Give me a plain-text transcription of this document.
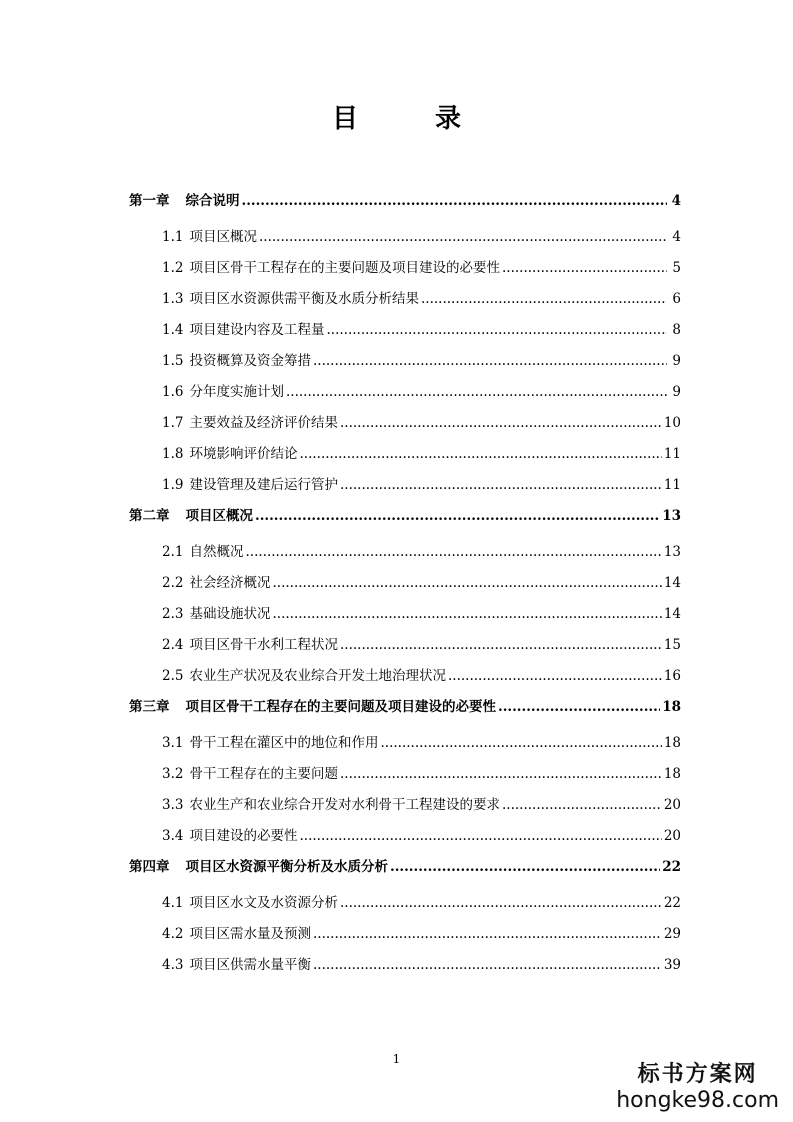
目 录
第一章 综合说明 .....	4
1.1 项目区概况 .....	4
1.2 项目区骨干工程存在的主要问题及项目建设的必要性 .....	5
1.3 项目区水资源供需平衡及水质分析结果 .....	6
1.4 项目建设内容及工程量 .....	8
1.5 投资概算及资金筹措 .....	9
1.6 分年度实施计划 .....	9
1.7 主要效益及经济评价结果 .....	10
1.8 环境影响评价结论 .....	11
1.9 建设管理及建后运行管护 .....	11
第二章 项目区概况 .....	13
2.1 自然概况 .....	13
2.2 社会经济概况 .....	14
2.3 基础设施状况 .....	14
2.4 项目区骨干水利工程状况 .....	15
2.5 农业生产状况及农业综合开发土地治理状况 .....	16
第三章 项目区骨干工程存在的主要问题及项目建设的必要性 .....	18
3.1 骨干工程在灌区中的地位和作用 .....	18
3.2 骨干工程存在的主要问题 .....	18
3.3 农业生产和农业综合开发对水利骨干工程建设的要求 .....	20
3.4 项目建设的必要性 .....	20
第四章 项目区水资源平衡分析及水质分析 .....	22
4.1 项目区水文及水资源分析 .....	22
4.2 项目区需水量及预测 .....	29
4.3 项目区供需水量平衡 .....	39
1
标书方案网
hongke98.com
